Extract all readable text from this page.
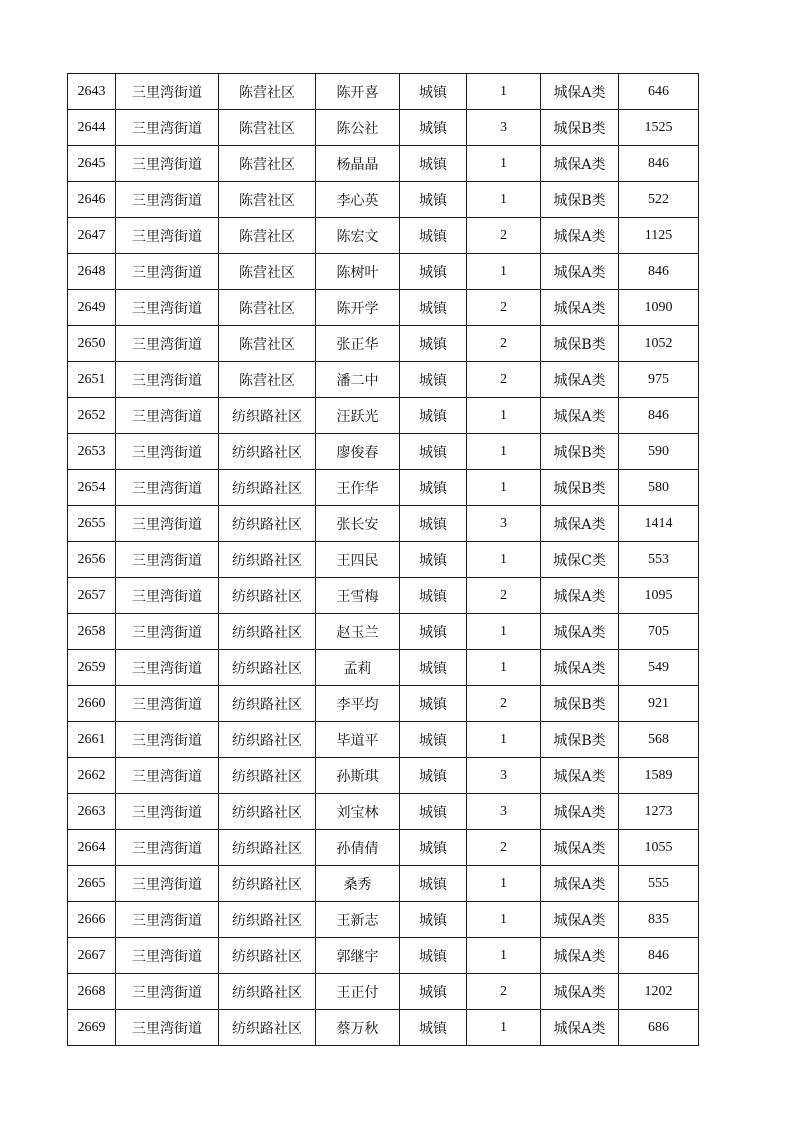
2643	三里湾街道	陈营社区	陈开喜	城镇	1	城保A类	646
2644	三里湾街道	陈营社区	陈公社	城镇	3	城保B类	1525
2645	三里湾街道	陈营社区	杨晶晶	城镇	1	城保A类	846
2646	三里湾街道	陈营社区	李心英	城镇	1	城保B类	522
2647	三里湾街道	陈营社区	陈宏文	城镇	2	城保A类	1125
2648	三里湾街道	陈营社区	陈树叶	城镇	1	城保A类	846
2649	三里湾街道	陈营社区	陈开学	城镇	2	城保A类	1090
2650	三里湾街道	陈营社区	张正华	城镇	2	城保B类	1052
2651	三里湾街道	陈营社区	潘二中	城镇	2	城保A类	975
2652	三里湾街道	纺织路社区	汪跃光	城镇	1	城保A类	846
2653	三里湾街道	纺织路社区	廖俊春	城镇	1	城保B类	590
2654	三里湾街道	纺织路社区	王作华	城镇	1	城保B类	580
2655	三里湾街道	纺织路社区	张长安	城镇	3	城保A类	1414
2656	三里湾街道	纺织路社区	王四民	城镇	1	城保C类	553
2657	三里湾街道	纺织路社区	王雪梅	城镇	2	城保A类	1095
2658	三里湾街道	纺织路社区	赵玉兰	城镇	1	城保A类	705
2659	三里湾街道	纺织路社区	孟莉	城镇	1	城保A类	549
2660	三里湾街道	纺织路社区	李平均	城镇	2	城保B类	921
2661	三里湾街道	纺织路社区	毕道平	城镇	1	城保B类	568
2662	三里湾街道	纺织路社区	孙斯琪	城镇	3	城保A类	1589
2663	三里湾街道	纺织路社区	刘宝林	城镇	3	城保A类	1273
2664	三里湾街道	纺织路社区	孙倩倩	城镇	2	城保A类	1055
2665	三里湾街道	纺织路社区	桑秀	城镇	1	城保A类	555
2666	三里湾街道	纺织路社区	王新志	城镇	1	城保A类	835
2667	三里湾街道	纺织路社区	郭继宇	城镇	1	城保A类	846
2668	三里湾街道	纺织路社区	王正付	城镇	2	城保A类	1202
2669	三里湾街道	纺织路社区	蔡万秋	城镇	1	城保A类	686
